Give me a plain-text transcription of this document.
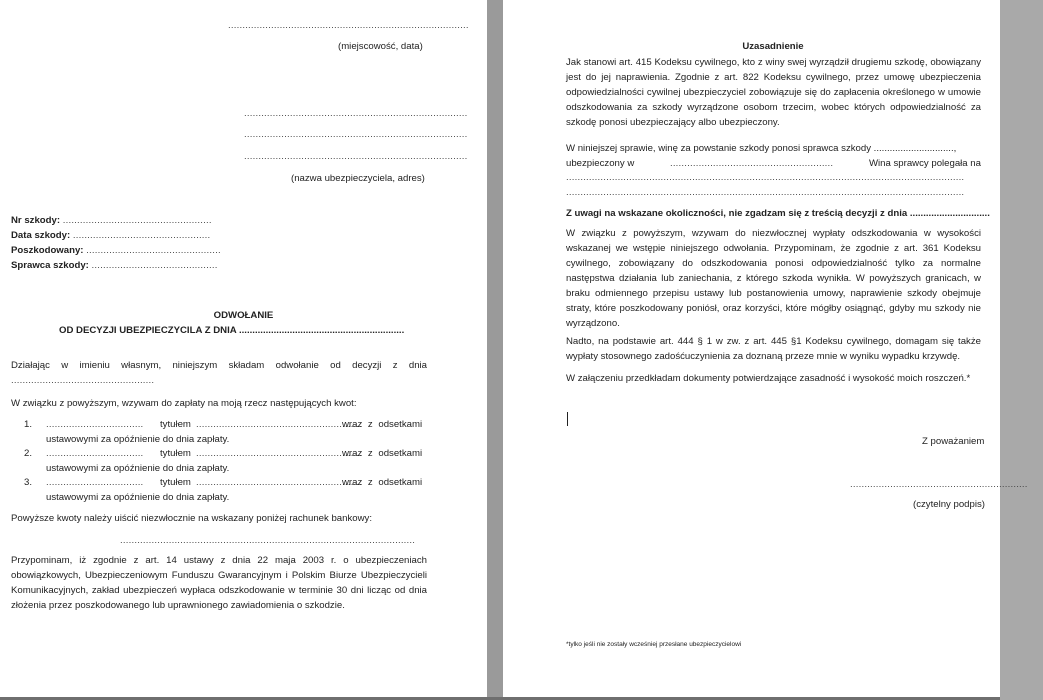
....................................................................................
(miejscowość, data)
..............................................................................
..............................................................................
..............................................................................
(nazwa ubezpieczyciela, adres)
Nr szkody: ....................................................
Data szkody: ................................................
Poszkodowany: ...............................................
Sprawca szkody: ............................................
ODWOŁANIE
OD DECYZJI UBEZPIECZYCILA Z DNIA ..............................................................
Działając w imieniu własnym, niniejszym składam odwołanie od decyzji z dnia
..................................................
W związku z powyższym, wzywam do zapłaty na moją rzecz następujących kwot:
1. .................................. tytułem ..........................................................
wraz z odsetkami
ustawowymi za opóźnienie do dnia zapłaty.
2. .................................. tytułem ..........................................................
wraz z odsetkami
ustawowymi za opóźnienie do dnia zapłaty.
3. .................................. tytułem ..........................................................
wraz z odsetkami
ustawowymi za opóźnienie do dnia zapłaty.
Powyższe kwoty należy uiścić niezwłocznie na wskazany poniżej rachunek bankowy:
.......................................................................................................
Przypominam, iż zgodnie z art. 14 ustawy z dnia 22 maja 2003 r. o ubezpieczeniach obowiązkowych, Ubezpieczeniowym Funduszu Gwarancyjnym i Polskim Biurze Ubezpieczycieli Komunikacyjnych, zakład ubezpieczeń wypłaca odszkodowanie w terminie 30 dni licząc od dnia złożenia przez poszkodowanego lub uprawnionego zawiadomienia o szkodzie.
Uzasadnienie
Jak stanowi art. 415 Kodeksu cywilnego, kto z winy swej wyrządził drugiemu szkodę, obowiązany jest do jej naprawienia. Zgodnie z art. 822 Kodeksu cywilnego, przez umowę ubezpieczenia odpowiedzialności cywilnej ubezpieczyciel zobowiązuje się do zapłacenia określonego w umowie odszkodowania za szkody wyrządzone osobom trzecim, wobec których odpowiedzialność za szkodę ponosi ubezpieczający albo ubezpieczony.
W niniejszej sprawie, winę za powstanie szkody ponosi sprawca szkody ..............................,
ubezpieczony w	.........................................................	Wina sprawcy polegała na
...........................................................................................................................................
...........................................................................................................................................
Z uwagi na wskazane okoliczności, nie zgadzam się z treścią decyzji z dnia ..............................
W związku z powyższym, wzywam do niezwłocznej wypłaty odszkodowania w wysokości wskazanej we wstępie niniejszego odwołania. Przypominam, że zgodnie z art. 361 Kodeksu cywilnego, zobowiązany do odszkodowania ponosi odpowiedzialność tylko za normalne następstwa działania lub zaniechania, z którego szkoda wynikła. W powyższych granicach, w braku odmiennego przepisu ustawy lub postanowienia umowy, naprawienie szkody obejmuje straty, które poszkodowany poniósł, oraz korzyści, które mógłby osiągnąć, gdyby mu szkody nie wyrządzono.
Nadto, na podstawie art. 444 § 1 w zw. z art. 445 §1 Kodeksu cywilnego, domagam się także wypłaty stosownego zadośćuczynienia za doznaną przeze mnie w wyniku wypadku krzywdę.
W załączeniu przedkładam dokumenty potwierdzające zasadność i wysokość moich roszczeń.*
Z poważaniem
..............................................................
(czytelny podpis)
*tylko jeśli nie zostały wcześniej przesłane ubezpieczycielowi
